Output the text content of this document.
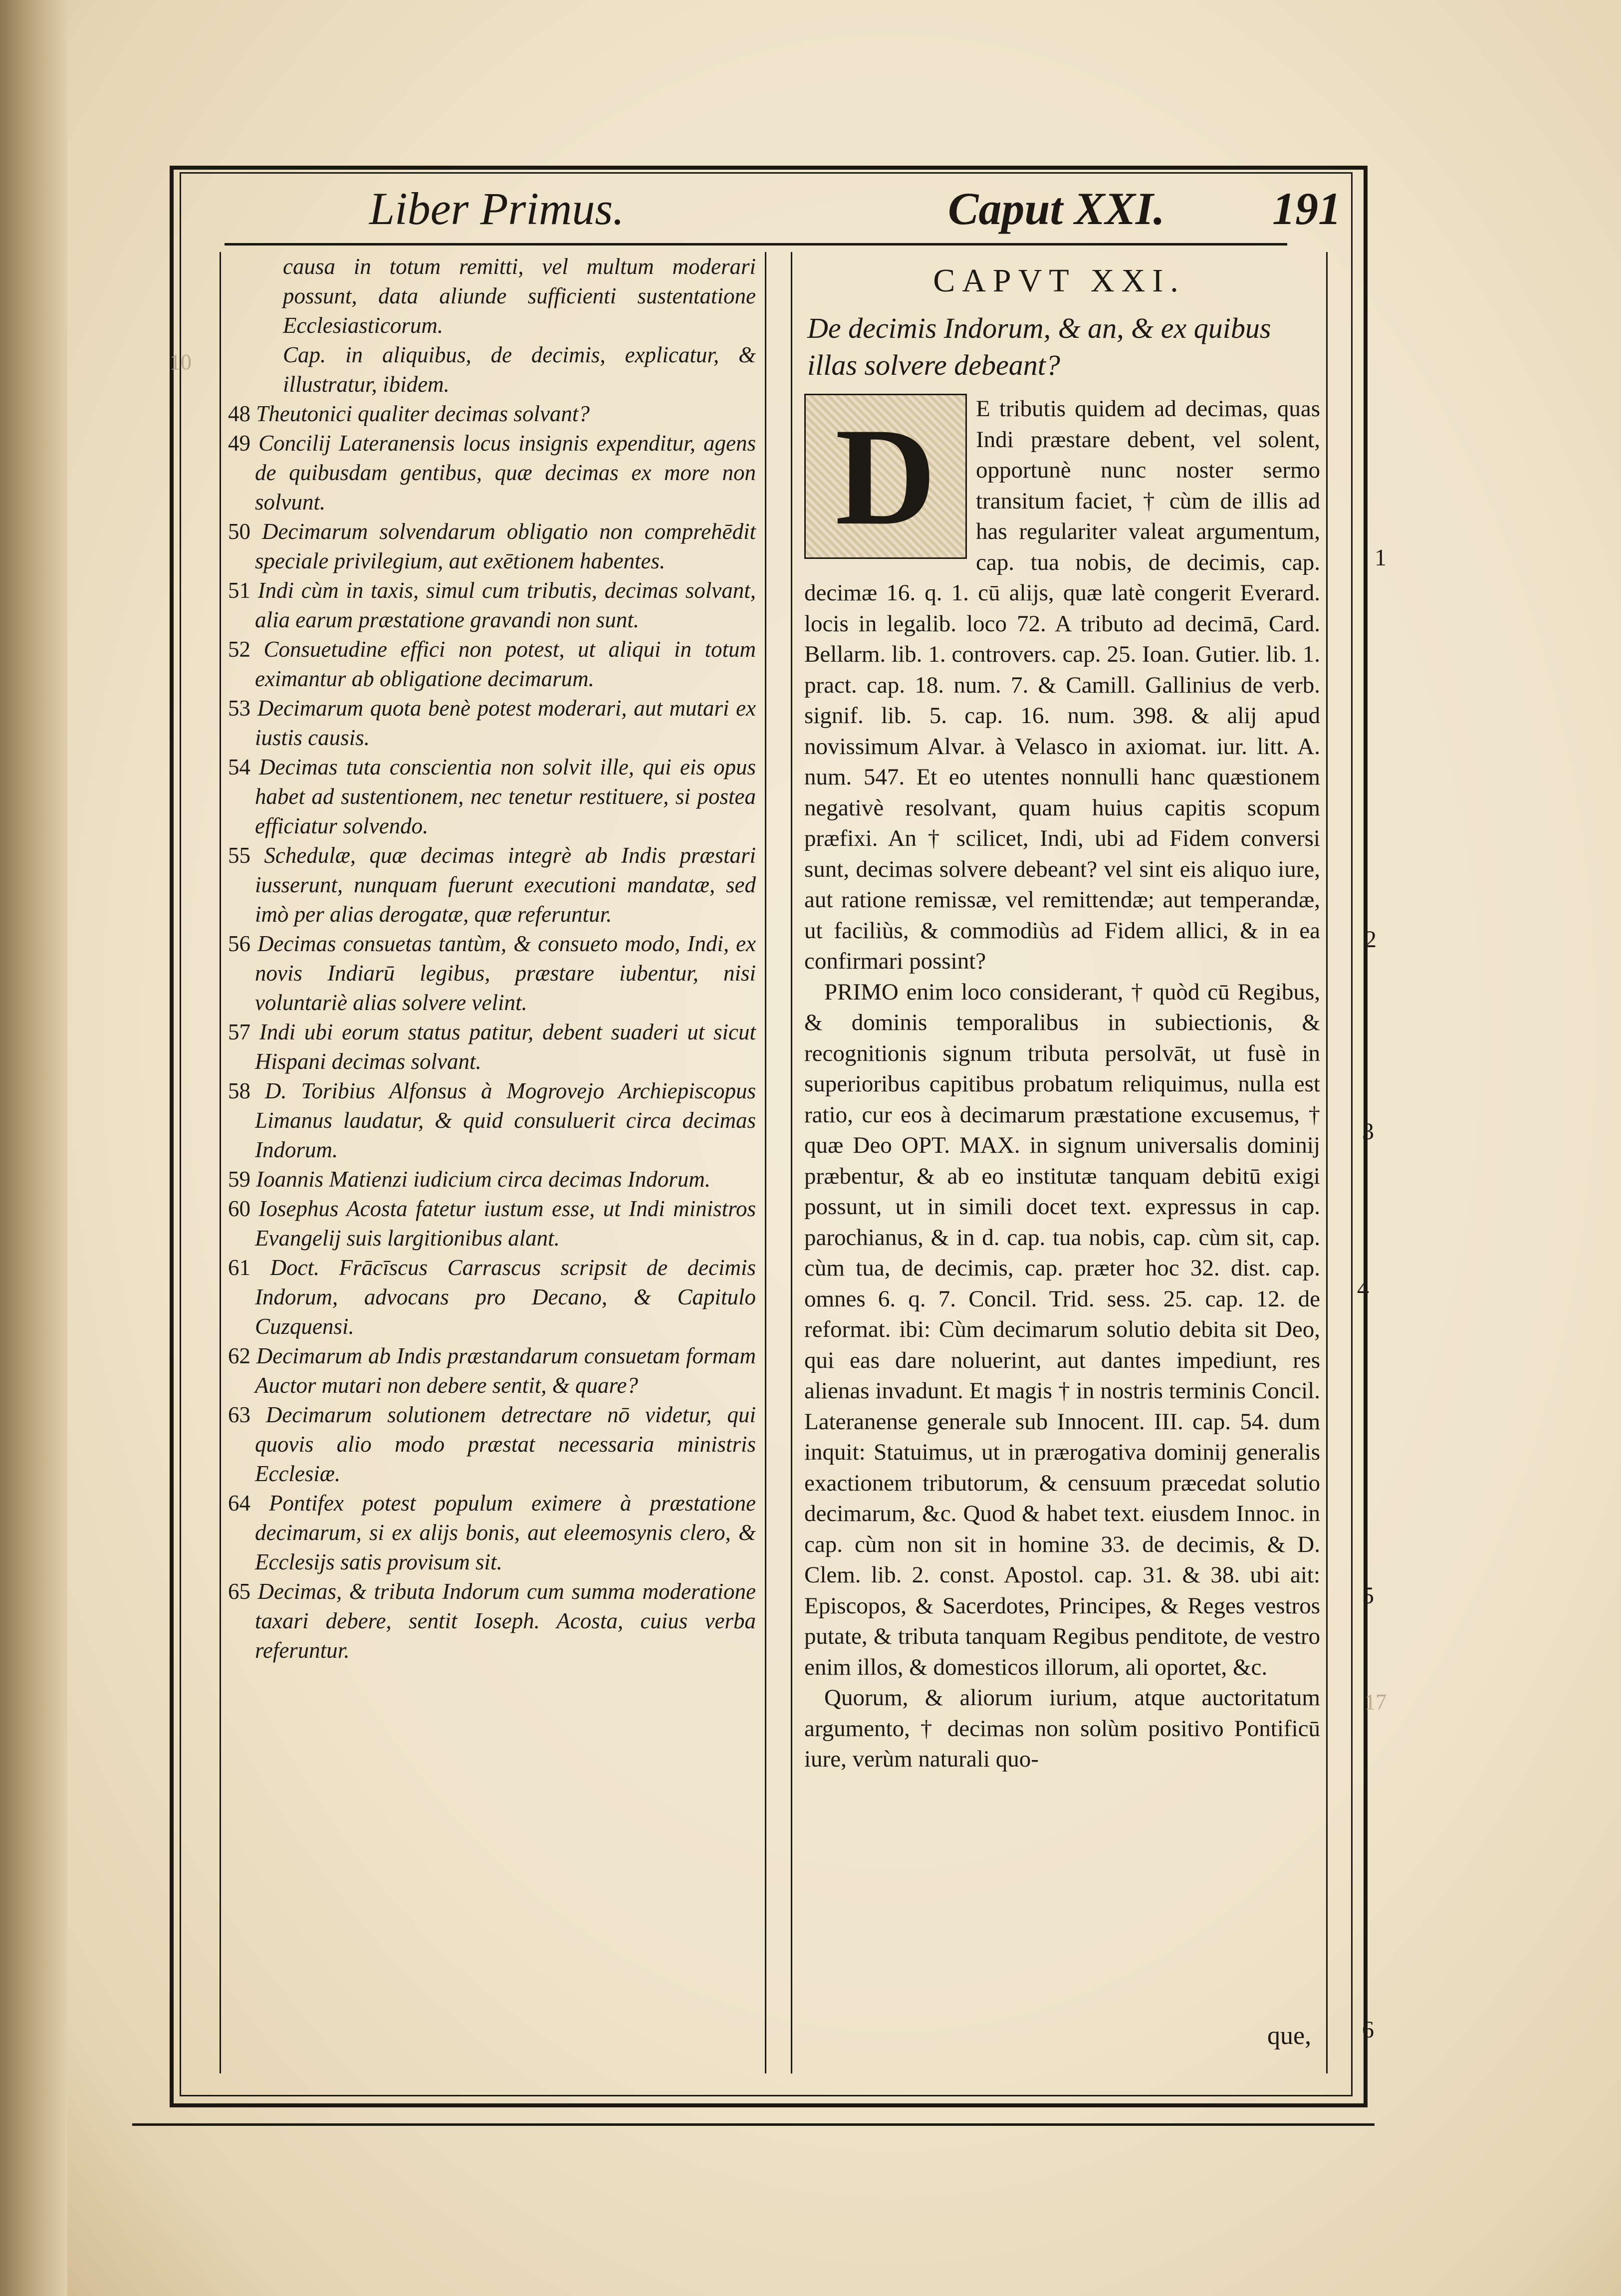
10
17
Liber Primus.	Caput XXI. 191
causa in totum remitti, vel multum moderari possunt, data aliunde sufficienti sustentatione Ecclesiasticorum.
Cap. in aliquibus, de decimis, explicatur, & illustratur, ibidem.
48 Theutonici qualiter decimas solvant?
49 Concilij Lateranensis locus insignis expenditur, agens de quibusdam gentibus, quæ decimas ex more non solvunt.
50 Decimarum solvendarum obligatio non comprehēdit speciale privilegium, aut exētionem habentes.
51 Indi cùm in taxis, simul cum tributis, decimas solvant, alia earum præstatione gravandi non sunt.
52 Consuetudine effici non potest, ut aliqui in totum eximantur ab obligatione decimarum.
53 Decimarum quota benè potest moderari, aut mutari ex iustis causis.
54 Decimas tuta conscientia non solvit ille, qui eis opus habet ad sustentionem, nec tenetur restituere, si postea efficiatur solvendo.
55 Schedulæ, quæ decimas integrè ab Indis præstari iusserunt, nunquam fuerunt executioni mandatæ, sed imò per alias derogatæ, quæ referuntur.
56 Decimas consuetas tantùm, & consueto modo, Indi, ex novis Indiarū legibus, præstare iubentur, nisi voluntariè alias solvere velint.
57 Indi ubi eorum status patitur, debent suaderi ut sicut Hispani decimas solvant.
58 D. Toribius Alfonsus à Mogrovejo Archiepiscopus Limanus laudatur, & quid consuluerit circa decimas Indorum.
59 Ioannis Matienzi iudicium circa decimas Indorum.
60 Iosephus Acosta fatetur iustum esse, ut Indi ministros Evangelij suis largitionibus alant.
61 Doct. Frācīscus Carrascus scripsit de decimis Indorum, advocans pro Decano, & Capitulo Cuzquensi.
62 Decimarum ab Indis præstandarum consuetam formam Auctor mutari non debere sentit, & quare?
63 Decimarum solutionem detrectare nō videtur, qui quovis alio modo præstat necessaria ministris Ecclesiæ.
64 Pontifex potest populum eximere à præstatione decimarum, si ex alijs bonis, aut eleemosynis clero, & Ecclesijs satis provisum sit.
65 Decimas, & tributa Indorum cum summa moderatione taxari debere, sentit Ioseph. Acosta, cuius verba referuntur.
CAPVT XXI.
De decimis Indorum, & an, & ex quibus illas solvere debeant?
D	E tributis quidem ad decimas, quas Indi præstare debent, vel solent, opportunè nunc noster sermo transitum faciet, † cùm de illis ad has regulariter valeat argumentum, cap. tua nobis, de decimis, cap. decimæ 16. q. 1. cū alijs, quæ latè congerit Everard. locis in legalib. loco 72. A tributo ad decimā, Card. Bellarm. lib. 1. controvers. cap. 25. Ioan. Gutier. lib. 1. pract. cap. 18. num. 7. & Camill. Gallinius de verb. signif. lib. 5. cap. 16. num. 398. & alij apud novissimum Alvar. à Velasco in axiomat. iur. litt. A. num. 547. Et eo utentes nonnulli hanc quæstionem negativè resolvant, quam huius capitis scopum præfixi. An † scilicet, Indi, ubi ad Fidem conversi sunt, decimas solvere debeant? vel sint eis aliquo iure, aut ratione remissæ, vel remittendæ; aut temperandæ, ut faciliùs, & commodiùs ad Fidem allici, & in ea confirmari possint?

PRIMO enim loco considerant, † quòd cū Regibus, & dominis temporalibus in subiectionis, & recognitionis signum tributa persolvāt, ut fusè in superioribus capitibus probatum reliquimus, nulla est ratio, cur eos à decimarum præstatione excusemus, † quæ Deo OPT. MAX. in signum universalis dominij præbentur, & ab eo institutæ tanquam debitū exigi possunt, ut in simili docet text. expressus in cap. parochianus, & in d. cap. tua nobis, cap. cùm sit, cap. cùm tua, de decimis, cap. præter hoc 32. dist. cap. omnes 6. q. 7. Concil. Trid. sess. 25. cap. 12. de reformat. ibi: Cùm decimarum solutio debita sit Deo, qui eas dare noluerint, aut dantes impediunt, res alienas invadunt. Et magis † in nostris terminis Concil. Lateranense generale sub Innocent. III. cap. 54. dum inquit: Statuimus, ut in prærogativa dominij generalis exactionem tributorum, & censuum præcedat solutio decimarum, &c. Quod & habet text. eiusdem Innoc. in cap. cùm non sit in homine 33. de decimis, & D. Clem. lib. 2. const. Apostol. cap. 31. & 38. ubi ait: Episcopos, & Sacerdotes, Principes, & Reges vestros putate, & tributa tanquam Regibus penditote, de vestro enim illos, & domesticos illorum, ali oportet, &c.

Quorum, & aliorum iurium, atque auctoritatum argumento, † decimas non solùm positivo Pontificū iure, verùm naturali quo-

1
2
3
4
5
6
que,
